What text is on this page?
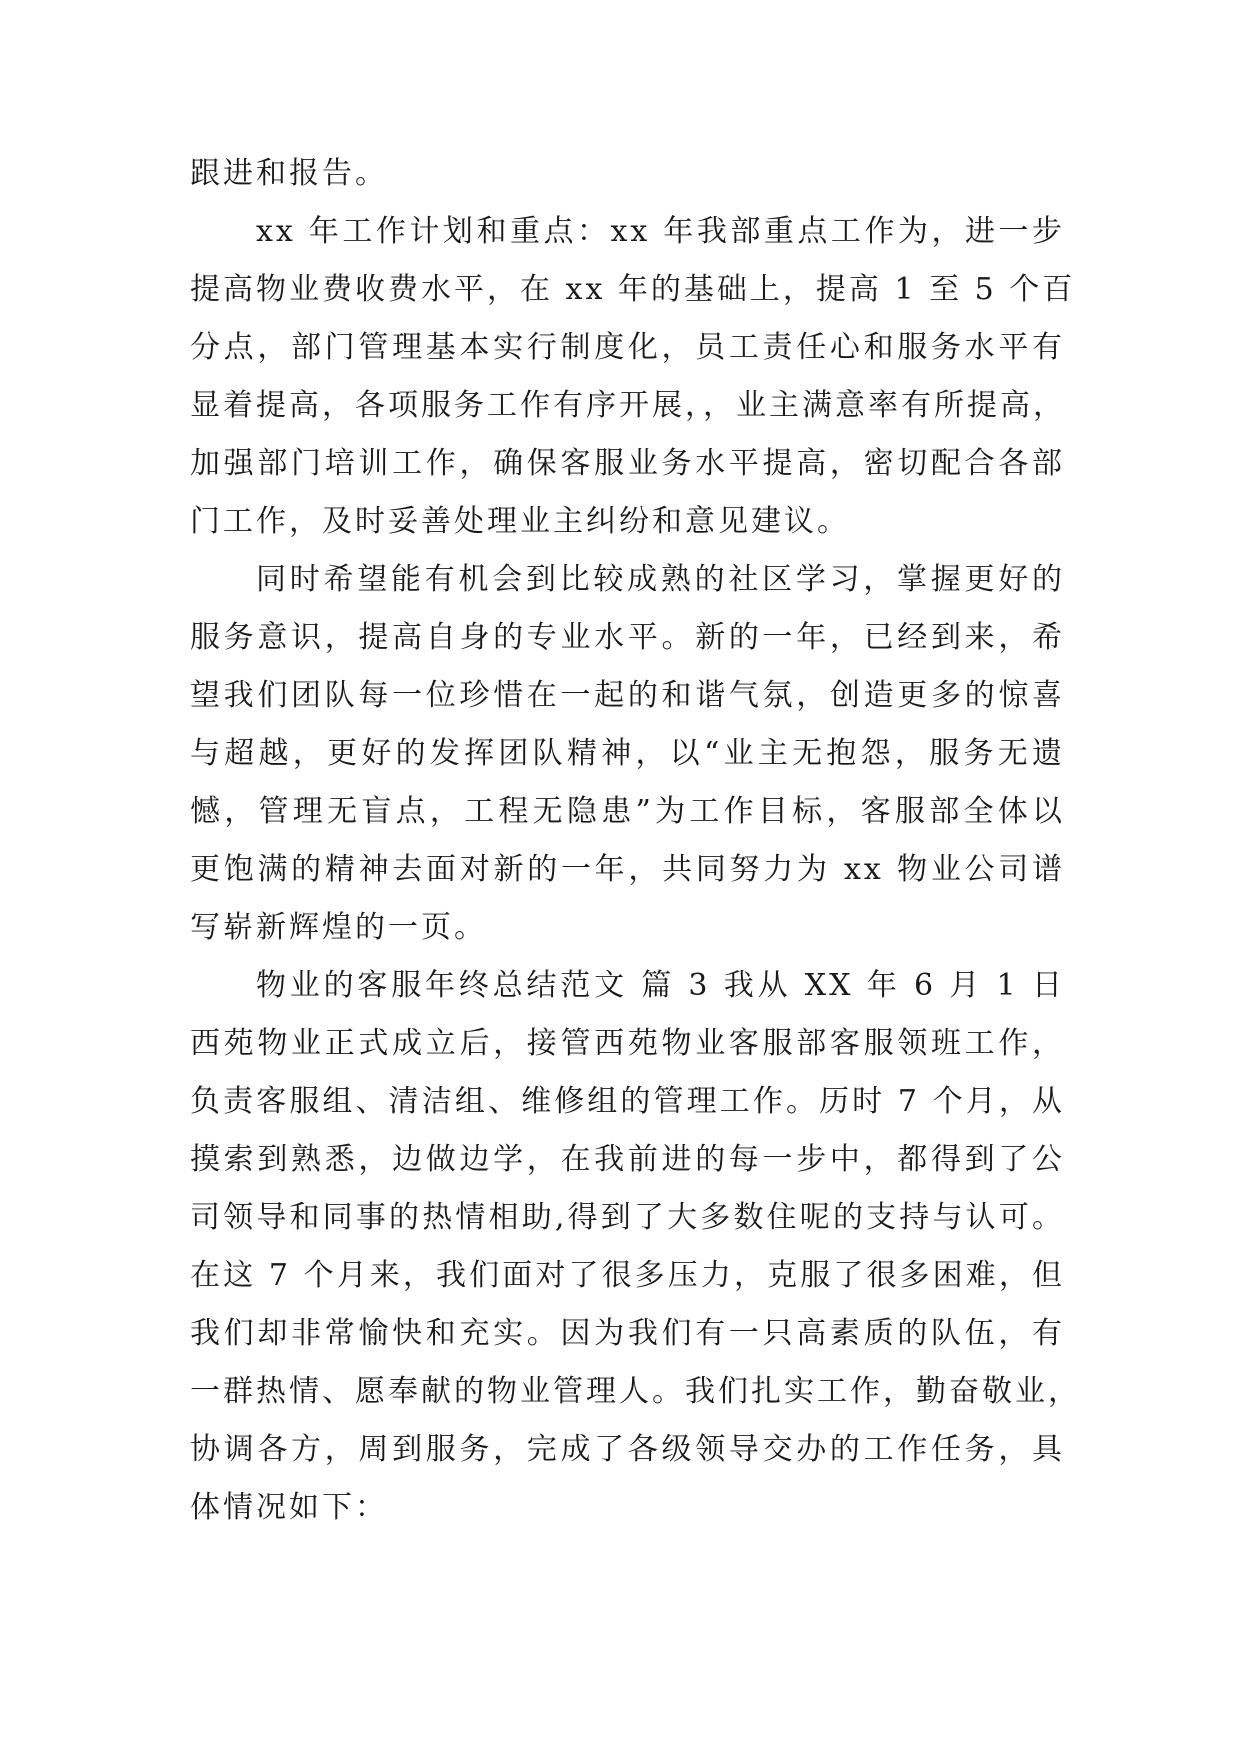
跟进和报告。
xx 年工作计划和重点：xx 年我部重点工作为，进一步
提高物业费收费水平，在 xx 年的基础上，提高 1 至 5 个百
分点，部门管理基本实行制度化，员工责任心和服务水平有
显着提高，各项服务工作有序开展，，业主满意率有所提高，
加强部门培训工作，确保客服业务水平提高，密切配合各部
门工作，及时妥善处理业主纠纷和意见建议。
同时希望能有机会到比较成熟的社区学习，掌握更好的
服务意识，提高自身的专业水平。新的一年，已经到来，希
望我们团队每一位珍惜在一起的和谐气氛，创造更多的惊喜
与超越，更好的发挥团队精神，以“业主无抱怨，服务无遗
憾，管理无盲点，工程无隐患”为工作目标，客服部全体以
更饱满的精神去面对新的一年，共同努力为 xx 物业公司谱
写崭新辉煌的一页。
物业的客服年终总结范文 篇 3 我从 XX 年 6 月 1 日
西苑物业正式成立后，接管西苑物业客服部客服领班工作，
负责客服组、清洁组、维修组的管理工作。历时 7 个月，从
摸索到熟悉，边做边学，在我前进的每一步中，都得到了公
司领导和同事的热情相助,得到了大多数住呢的支持与认可。
在这 7 个月来，我们面对了很多压力，克服了很多困难，但
我们却非常愉快和充实。因为我们有一只高素质的队伍，有
一群热情、愿奉献的物业管理人。我们扎实工作，勤奋敬业，
协调各方，周到服务，完成了各级领导交办的工作任务，具
体情况如下：
